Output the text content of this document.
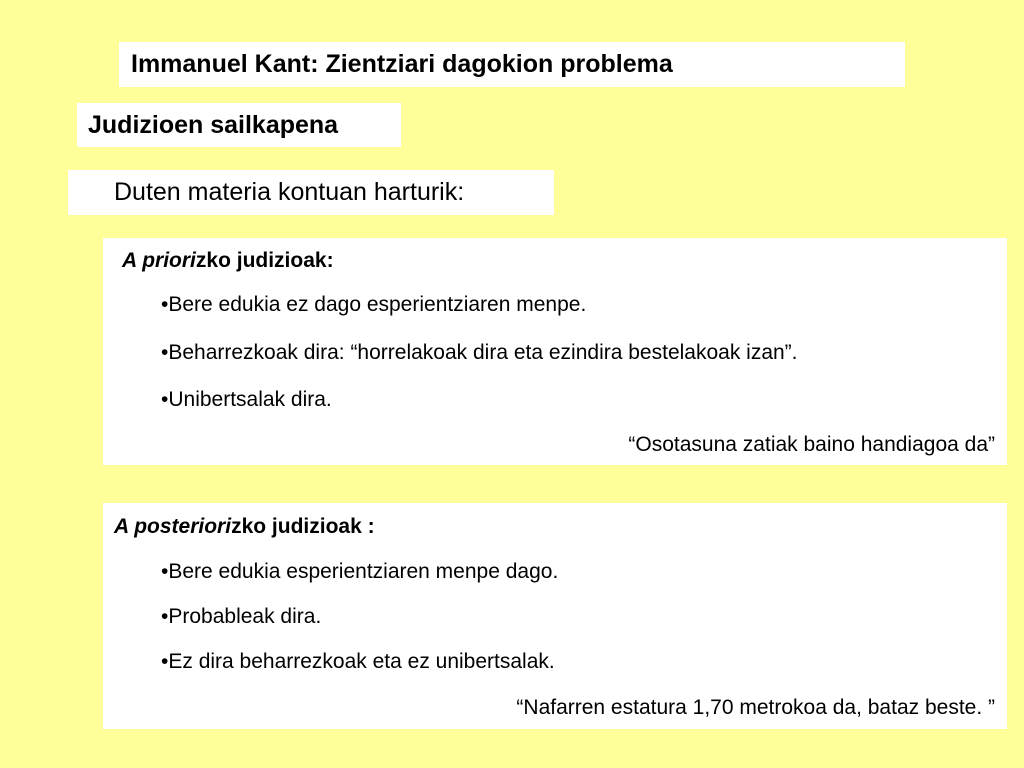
Immanuel Kant: Zientziari dagokion problema
Judizioen sailkapena
Duten materia kontuan harturik:
A priorizko judizioak:
•Bere edukia ez dago esperientziaren menpe.
•Beharrezkoak dira: “horrelakoak dira eta ezindira bestelakoak izan”.
•Unibertsalak dira.
“Osotasuna zatiak baino handiagoa da”
A posteriorizko judizioak :
•Bere edukia esperientziaren menpe dago.
•Probableak dira.
•Ez dira beharrezkoak eta ez unibertsalak.
“Nafarren estatura 1,70 metrokoa da, bataz beste. ”
